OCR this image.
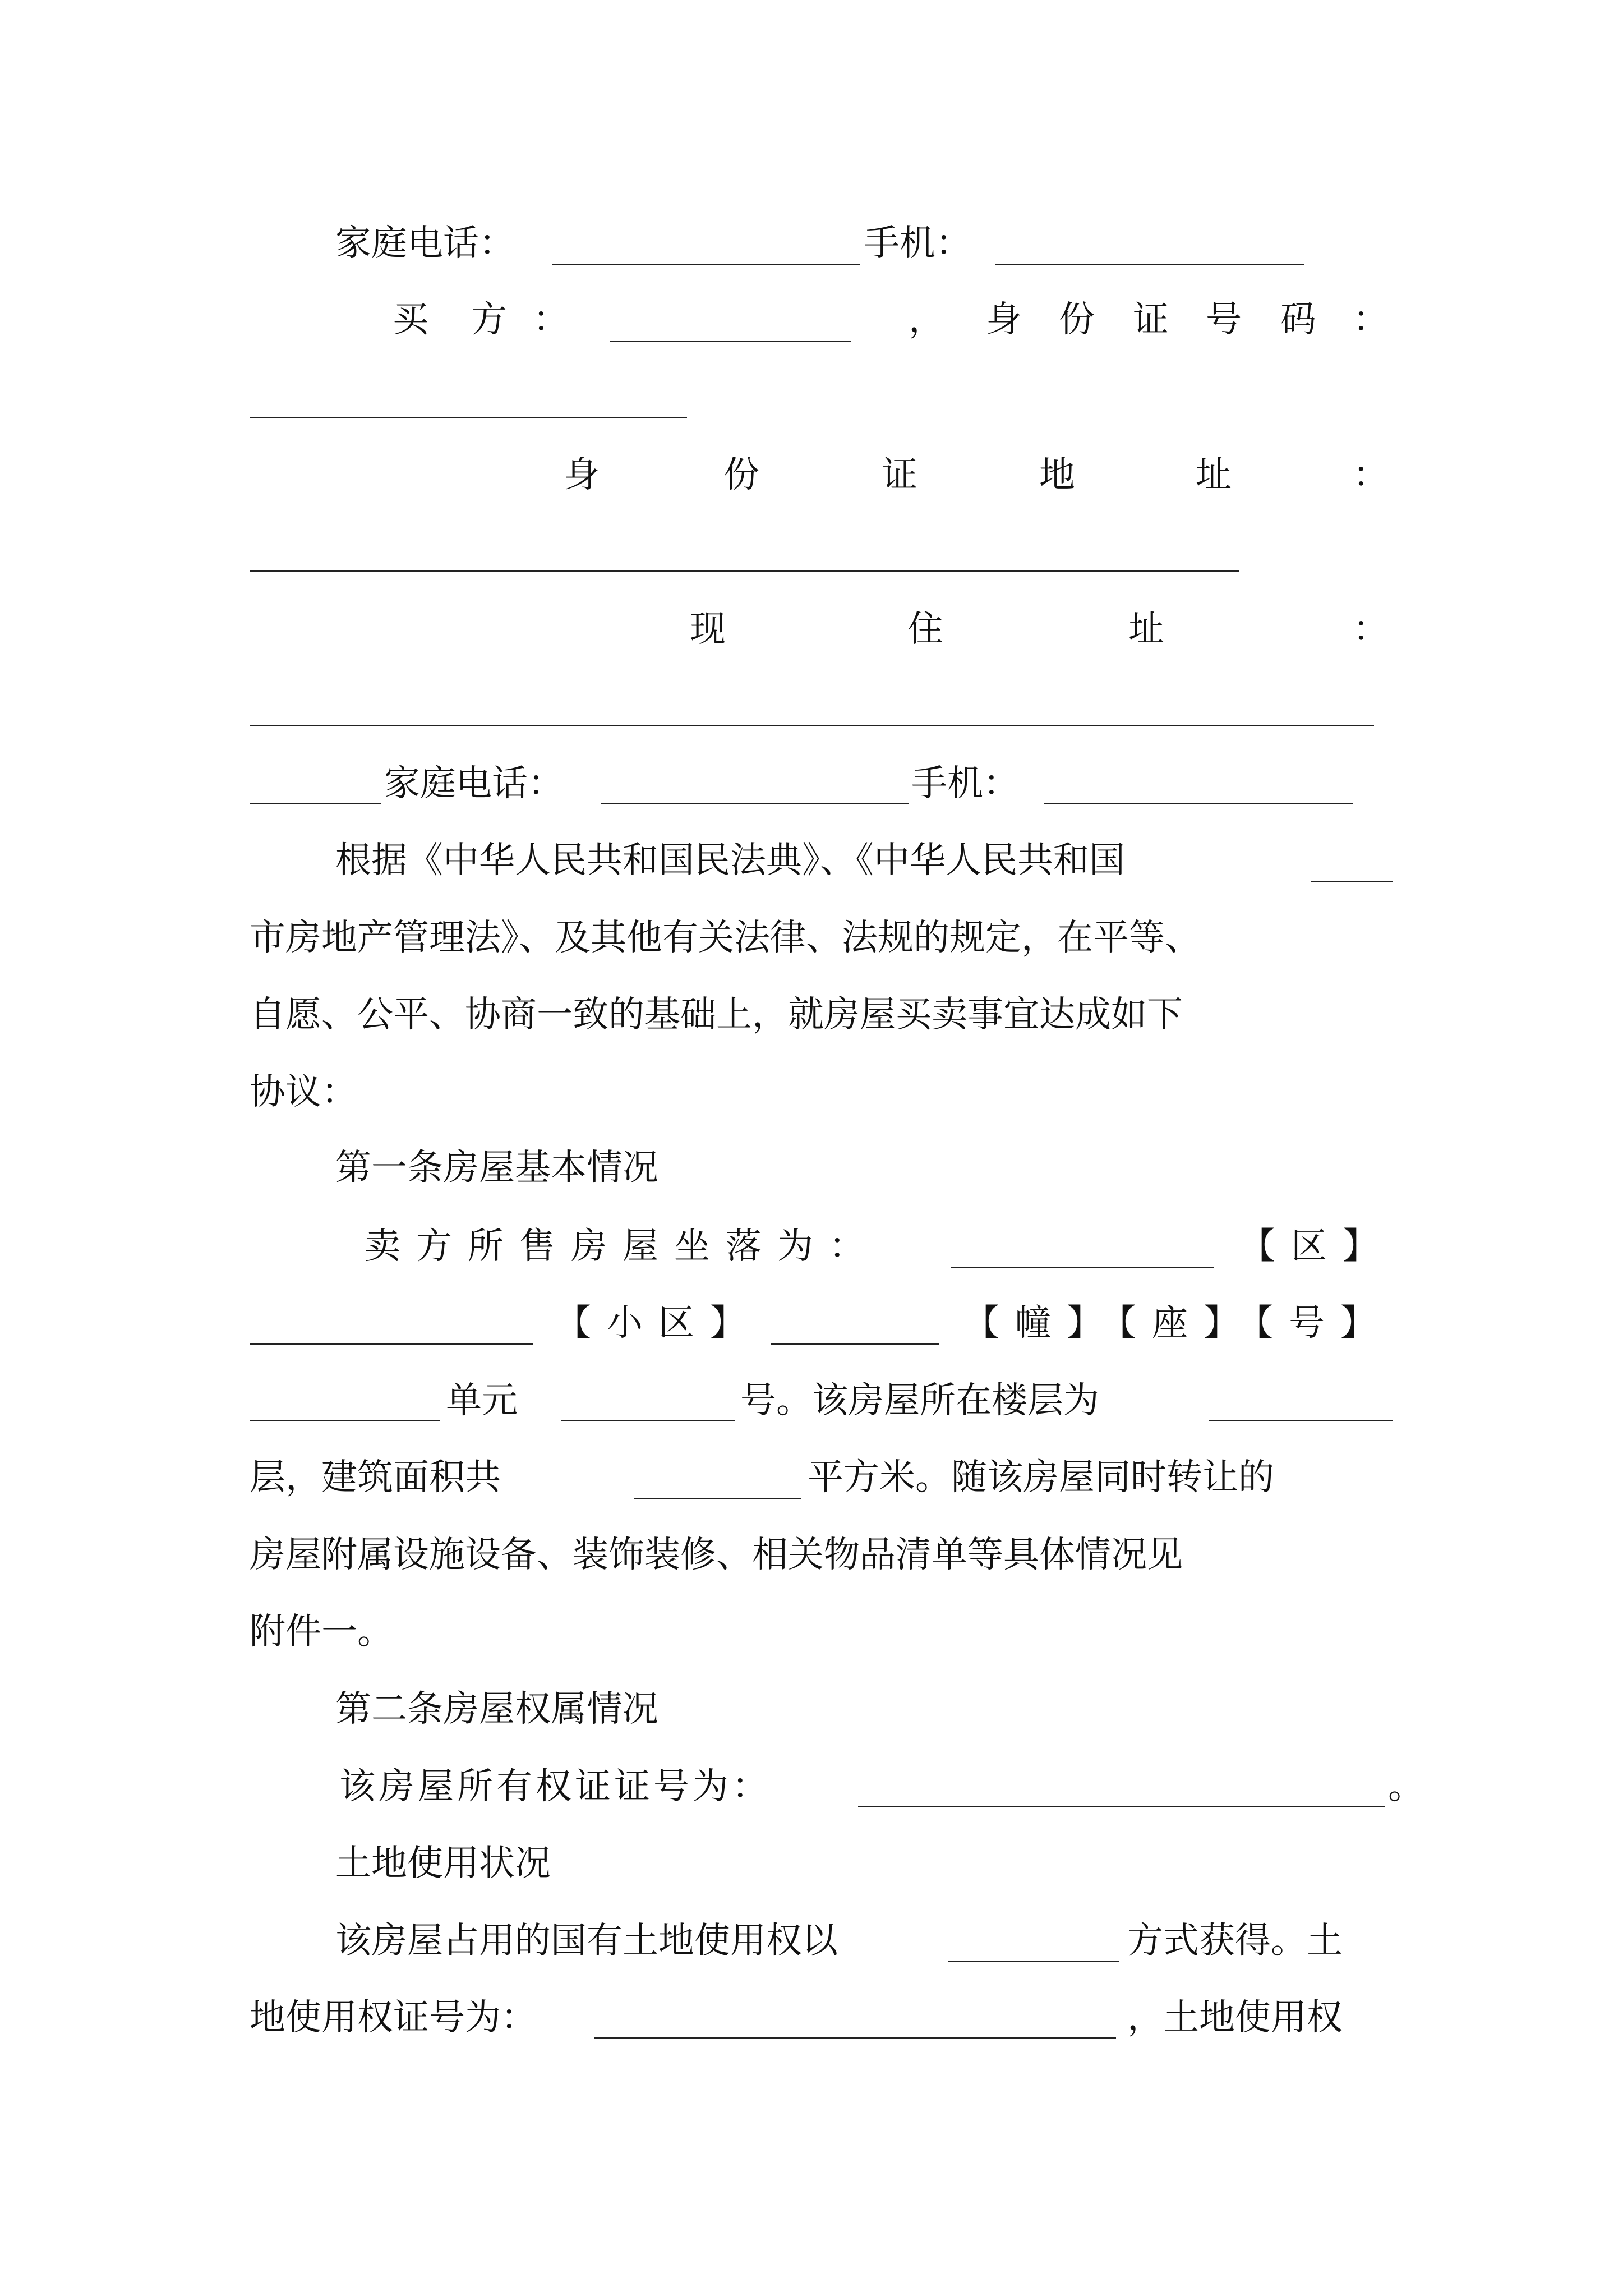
家庭电话：	手机：
买 方 ：	， 身 份 证 号 码 ：
身	份	证	地	址	：
现	住	址	：
家庭电话：	手机：
根据《中华人民共和国民法典》、《中华人民共和国
市房地产管理法》、及其他有关法律、法规的规定，在平等、
自愿、公平、协商一致的基础上，就房屋买卖事宜达成如下
协议：
第一条房屋基本情况
卖方所售房屋坐落为：	【区】
【小区】	【幢】【座】【号】
单元	号。该房屋所在楼层为
层，建筑面积共	平方米。随该房屋同时转让的
房屋附属设施设备、装饰装修、相关物品清单等具体情况见
附件一。
第二条房屋权属情况
该房屋所有权证证号为：	。
土地使用状况
该房屋占用的国有土地使用权以	方式获得。土
地使用权证号为：	，土地使用权
